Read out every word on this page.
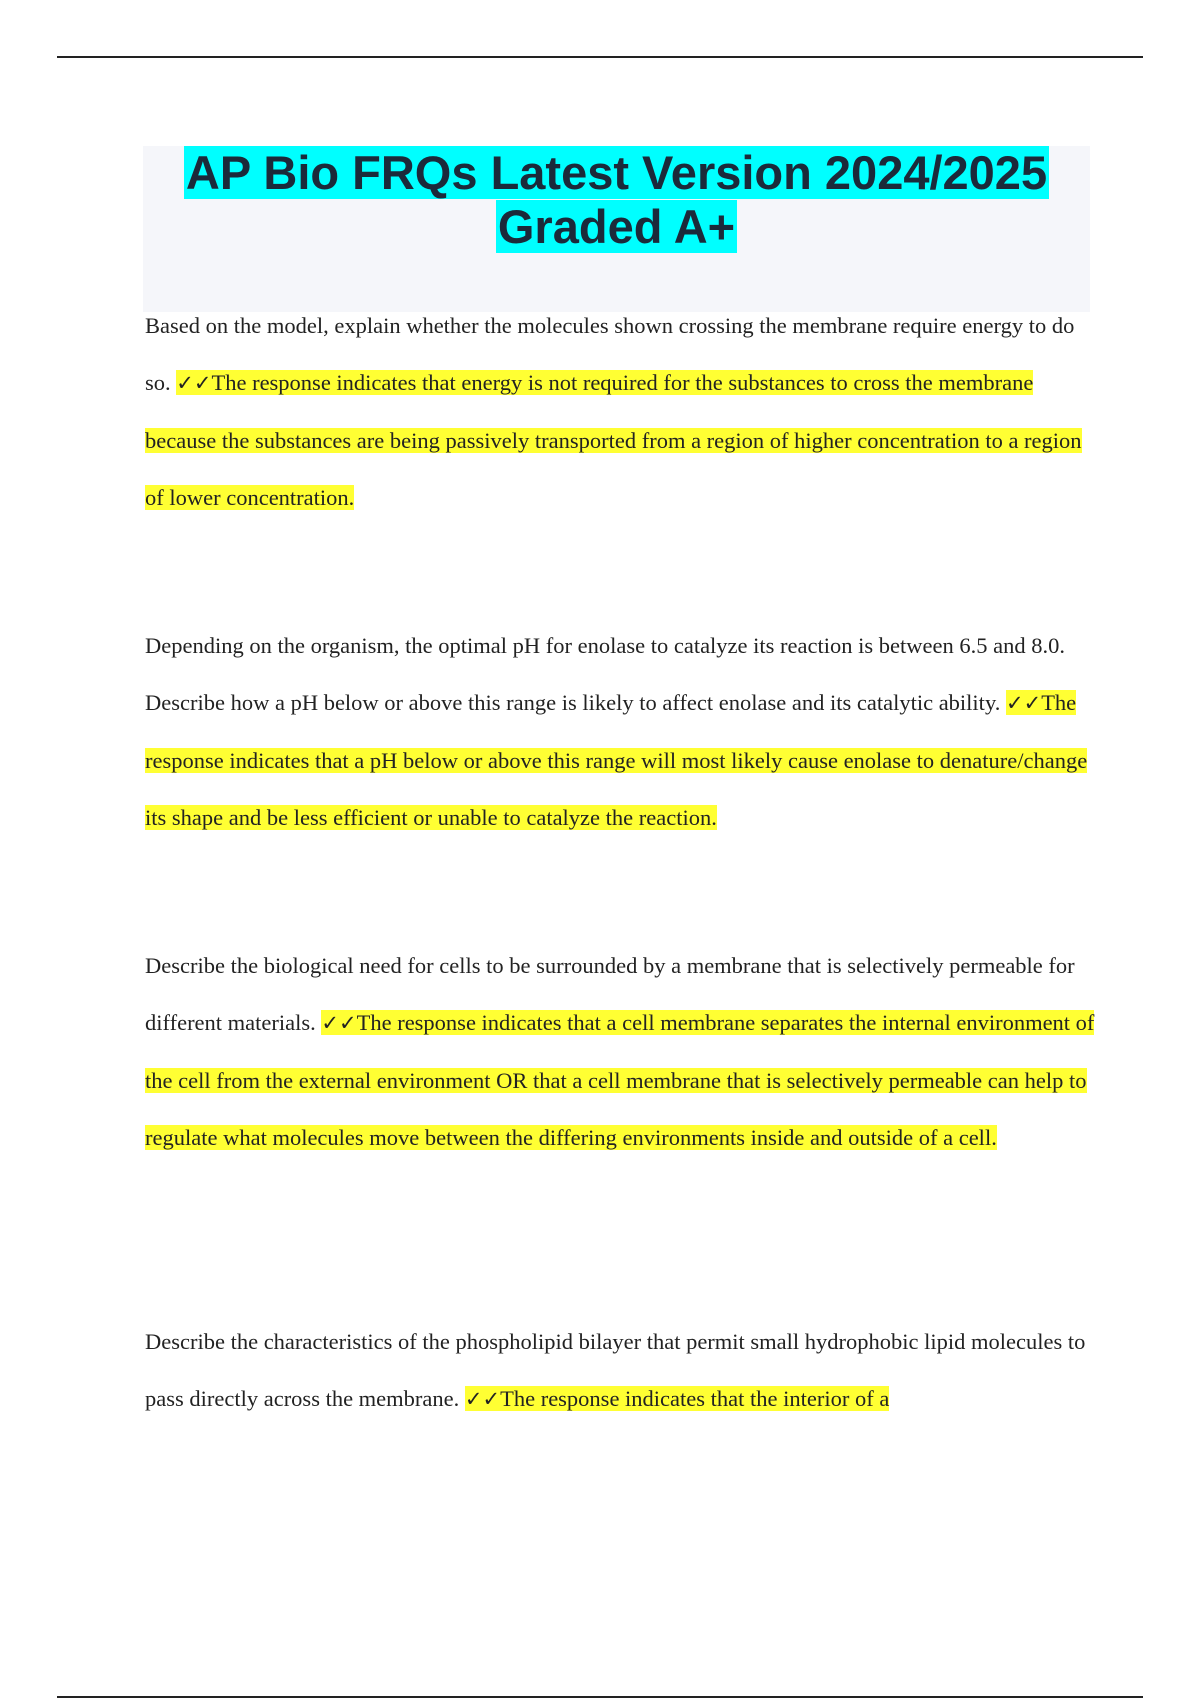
AP Bio FRQs Latest Version 2024/2025
Graded A+

Based on the model, explain whether the molecules shown crossing the membrane require energy to do so. ✓✓The response indicates that energy is not required for the substances to cross the membrane because the substances are being passively transported from a region of higher concentration to a region of lower concentration.

Depending on the organism, the optimal pH for enolase to catalyze its reaction is between 6.5 and 8.0. Describe how a pH below or above this range is likely to affect enolase and its catalytic ability. ✓✓The response indicates that a pH below or above this range will most likely cause enolase to denature/change its shape and be less efficient or unable to catalyze the reaction.

Describe the biological need for cells to be surrounded by a membrane that is selectively permeable for different materials. ✓✓The response indicates that a cell membrane separates the internal environment of the cell from the external environment OR that a cell membrane that is selectively permeable can help to regulate what molecules move between the differing environments inside and outside of a cell.

Describe the characteristics of the phospholipid bilayer that permit small hydrophobic lipid molecules to pass directly across the membrane. ✓✓The response indicates that the interior of a
